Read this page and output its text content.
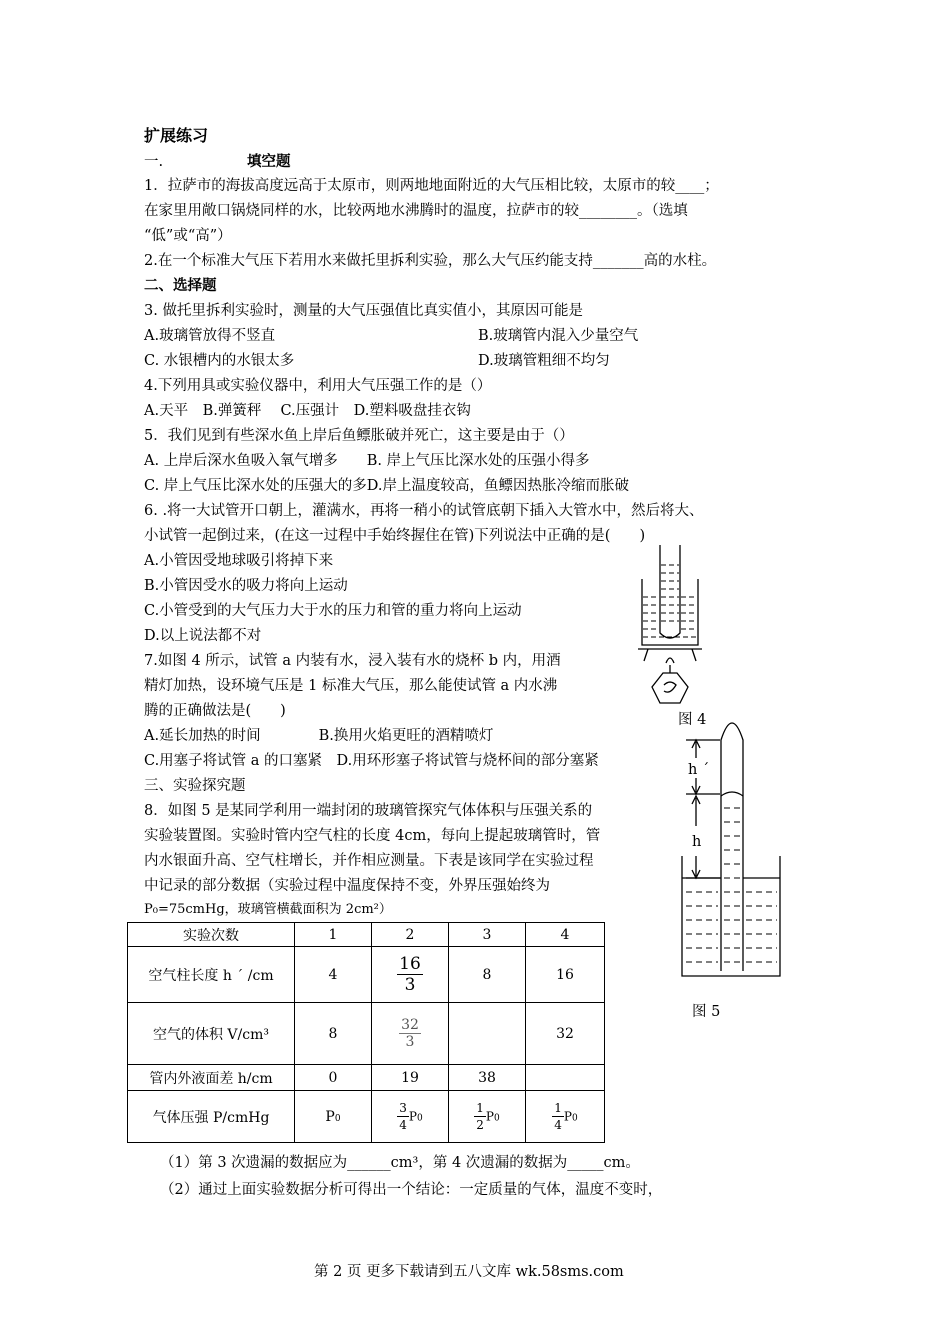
扩展练习
一.	填空题
1．拉萨市的海拔高度远高于太原市，则两地地面附近的大气压相比较，太原市的较____；
在家里用敞口锅烧同样的水，比较两地水沸腾时的温度，拉萨市的较________。（选填
“低”或“高”）
2.在一个标准大气压下若用水来做托里拆利实验，那么大气压约能支持_______高的水柱。
二、选择题
3. 做托里拆利实验时，测量的大气压强值比真实值小，其原因可能是
A.玻璃管放得不竖直	B.玻璃管内混入少量空气
C. 水银槽内的水银太多	D.玻璃管粗细不均匀
4.下列用具或实验仪器中，利用大气压强工作的是（）
A.天平　B.弹簧秤　 C.压强计　D.塑料吸盘挂衣钩
5．我们见到有些深水鱼上岸后鱼鳔胀破并死亡，这主要是由于（）
A. 上岸后深水鱼吸入氧气增多　　B. 岸上气压比深水处的压强小得多
C. 岸上气压比深水处的压强大的多D.岸上温度较高，鱼鳔因热胀冷缩而胀破
6. .将一大试管开口朝上，灌满水，再将一稍小的试管底朝下插入大管水中，然后将大、
小试管一起倒过来，(在这一过程中手始终握住在管)下列说法中正确的是(　　)
A.小管因受地球吸引将掉下来
B.小管因受水的吸力将向上运动
C.小管受到的大气压力大于水的压力和管的重力将向上运动
D.以上说法都不对
7.如图 4 所示，试管 a 内装有水，浸入装有水的烧杯 b 内，用酒
精灯加热，设环境气压是 1 标准大气压，那么能使试管 a 内水沸
腾的正确做法是(　　)
A.延长加热的时间　　　　B.换用火焰更旺的酒精喷灯
C.用塞子将试管 a 的口塞紧　D.用环形塞子将试管与烧杯间的部分塞紧
三、实验探究题
8．如图 5 是某同学利用一端封闭的玻璃管探究气体体积与压强关系的
实验装置图。实验时管内空气柱的长度 4cm，每向上提起玻璃管时，管
内水银面升高、空气柱增长，并作相应测量。下表是该同学在实验过程
中记录的部分数据（实验过程中温度保持不变，外界压强始终为
P₀=75cmHg，玻璃管横截面积为 2cm²）
实验次数	1	2	3	4
空气柱长度 h ˊ /cm	4	$\frac{16}{3}$	8	16
空气的体积 V/cm³	8	$\frac{32}{3}$		32
管内外液面差 h/cm	0	19	38	
气体压强 P/cmHg	P0	$\frac{3}{4} P0$	$\frac{1}{2} P0$	$\frac{1}{4} P0$
（1）第 3 次遗漏的数据应为______cm³，第 4 次遗漏的数据为_____cm。
（2）通过上面实验数据分析可得出一个结论：一定质量的气体，温度不变时，
图 4
h ˊ
h
图 5
第 2 页 更多下载请到五八文库 wk.58sms.com
